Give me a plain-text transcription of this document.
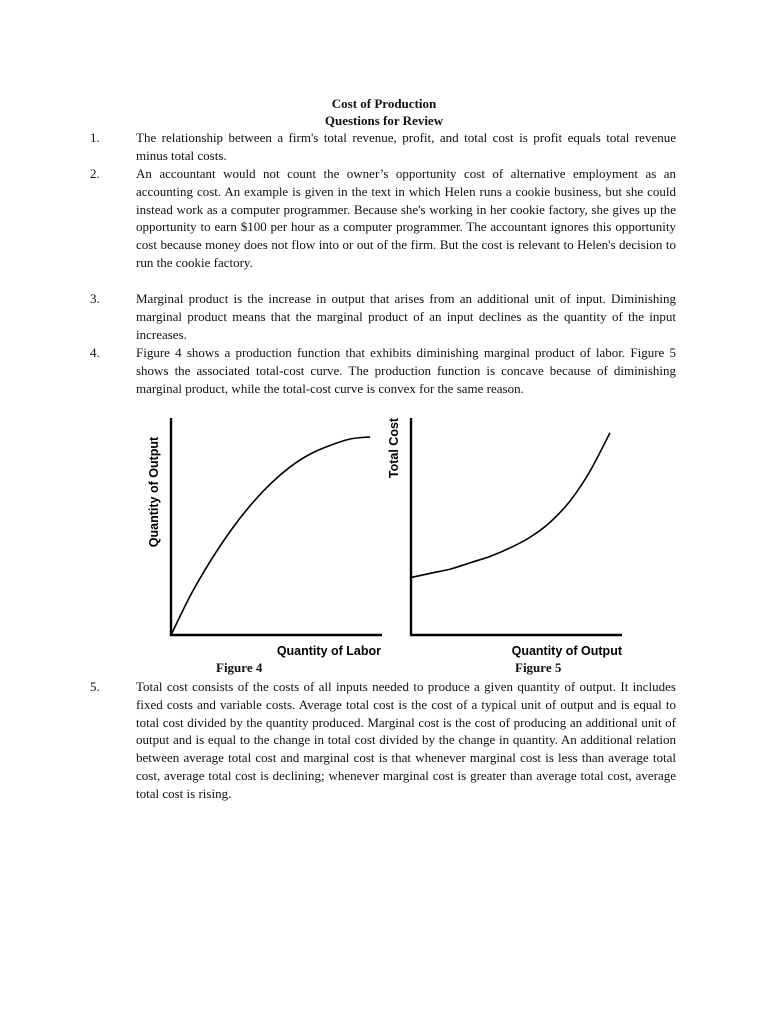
Cost of Production
Questions for Review
1.	The relationship between a firm's total revenue, profit, and total cost is profit equals total revenue minus total costs.
2.	An accountant would not count the owner’s opportunity cost of alternative employment as an accounting cost. An example is given in the text in which Helen runs a cookie business, but she could instead work as a computer programmer. Because she's working in her cookie factory, she gives up the opportunity to earn $100 per hour as a computer programmer. The accountant ignores this opportunity cost because money does not flow into or out of the firm. But the cost is relevant to Helen's decision to run the cookie factory.
3.	Marginal product is the increase in output that arises from an additional unit of input. Diminishing marginal product means that the marginal product of an input declines as the quantity of the input increases.
4.	Figure 4 shows a production function that exhibits diminishing marginal product of labor. Figure 5 shows the associated total-cost curve. The production function is concave because of diminishing marginal product, while the total-cost curve is convex for the same reason.
Quantity of Output
Quantity of Labor
Total Cost
Quantity of Output
Figure 4	Figure 5
5.	Total cost consists of the costs of all inputs needed to produce a given quantity of output. It includes fixed costs and variable costs. Average total cost is the cost of a typical unit of output and is equal to total cost divided by the quantity produced. Marginal cost is the cost of producing an additional unit of output and is equal to the change in total cost divided by the change in quantity. An additional relation between average total cost and marginal cost is that whenever marginal cost is less than average total cost, average total cost is declining; whenever marginal cost is greater than average total cost, average total cost is rising.
